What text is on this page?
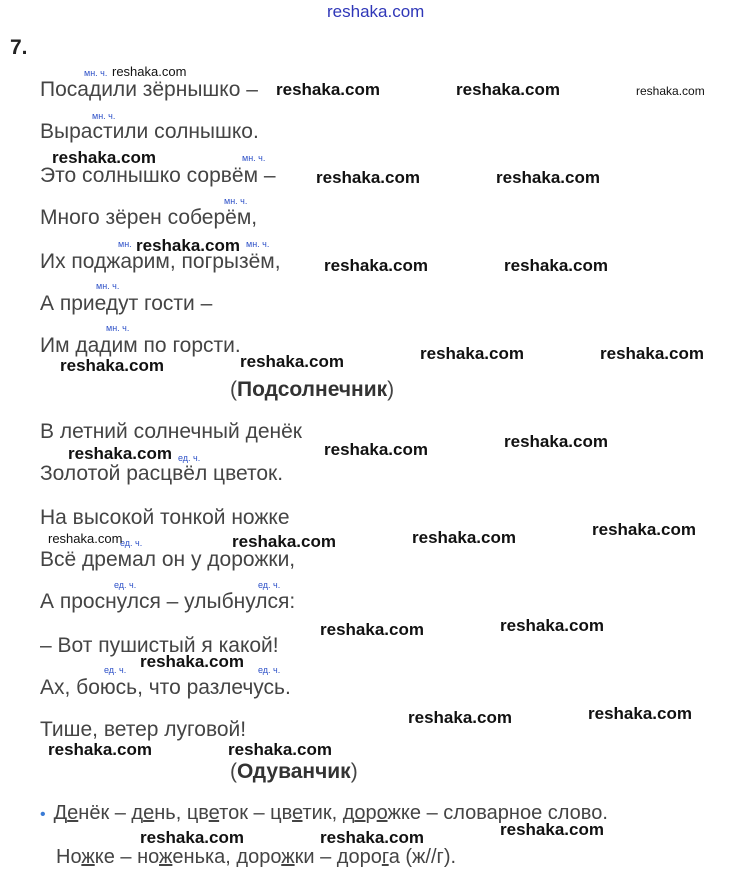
reshaka.com
7.
Посадили зёрнышко –
Вырастили солнышко.
Это солнышко сорвём –
Много зёрен соберём,
Их поджарим, погрызём,
А приедут гости –
Им дадим по горсти.
(Подсолнечник)
мн. ч.
мн. ч.
мн. ч.
мн. ч.
мн.	мн. ч.
мн. ч.
мн. ч.
В летний солнечный денёк
Золотой расцвёл цветок.
На высокой тонкой ножке
Всё дремал он у дорожки,
А проснулся – улыбнулся:
– Вот пушистый я какой!
Ах, боюсь, что разлечусь.
Тише, ветер луговой!
(Одуванчик)
ед. ч.
ед. ч.
ед. ч.	ед. ч.
ед. ч.	ед. ч.
• Денёк – день, цветок – цветик, дорожке – словарное слово.
Ножке – ноженька, дорожки – дорога (ж//г).
reshaka.com
reshaka.com	reshaka.com	reshaka.com
reshaka.com
reshaka.com	reshaka.com
reshaka.com
reshaka.com	reshaka.com
reshaka.com	reshaka.com	reshaka.com
reshaka.com
reshaka.com
reshaka.com
reshaka.com
reshaka.com	reshaka.com	reshaka.com	reshaka.com
reshaka.com
reshaka.com
reshaka.com
reshaka.com	reshaka.com
reshaka.com	reshaka.com
reshaka.com
reshaka.com	reshaka.com
